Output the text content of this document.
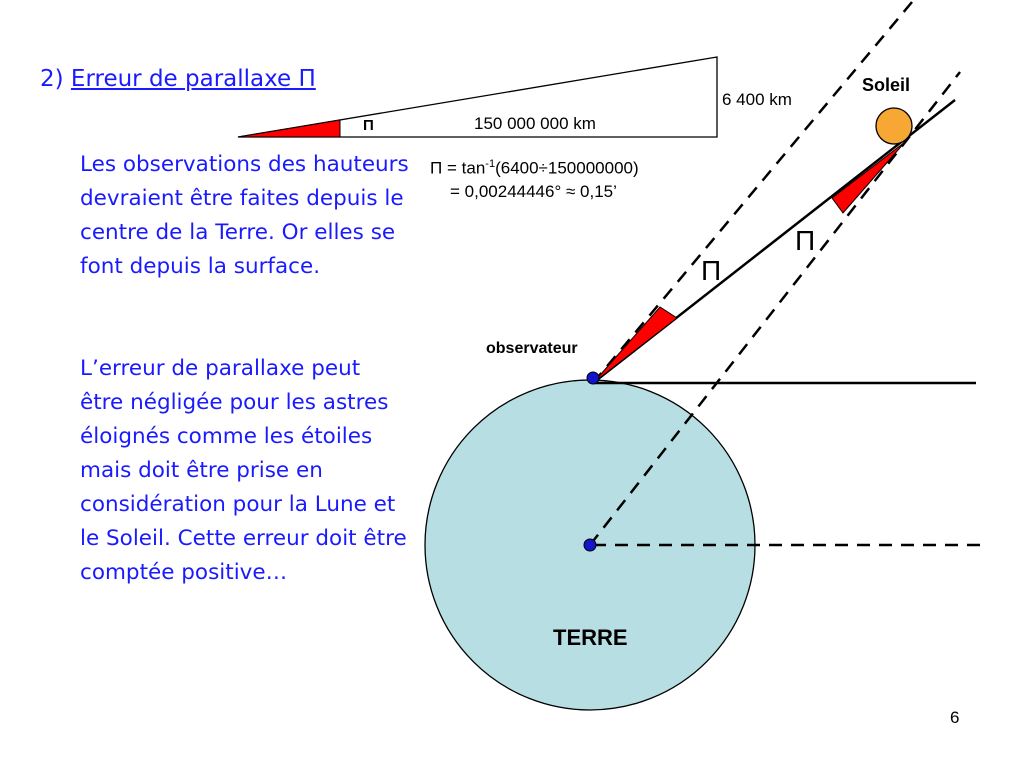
2) Erreur de parallaxe Π

Les observations des hauteurs devraient être faites depuis le centre de la Terre. Or elles se font depuis la surface.

L’erreur de parallaxe peut être négligée pour les astres éloignés comme les étoiles mais doit être prise en considération pour la Lune et le Soleil. Cette erreur doit être comptée positive…

6 400 km
Soleil
Π	150 000 000 km
$\Pi = \tan^{-1}(6400\div 150000000)$
= 0,00244446° ≈ 0,15’
observateur
TERRE
Π
Π
6
